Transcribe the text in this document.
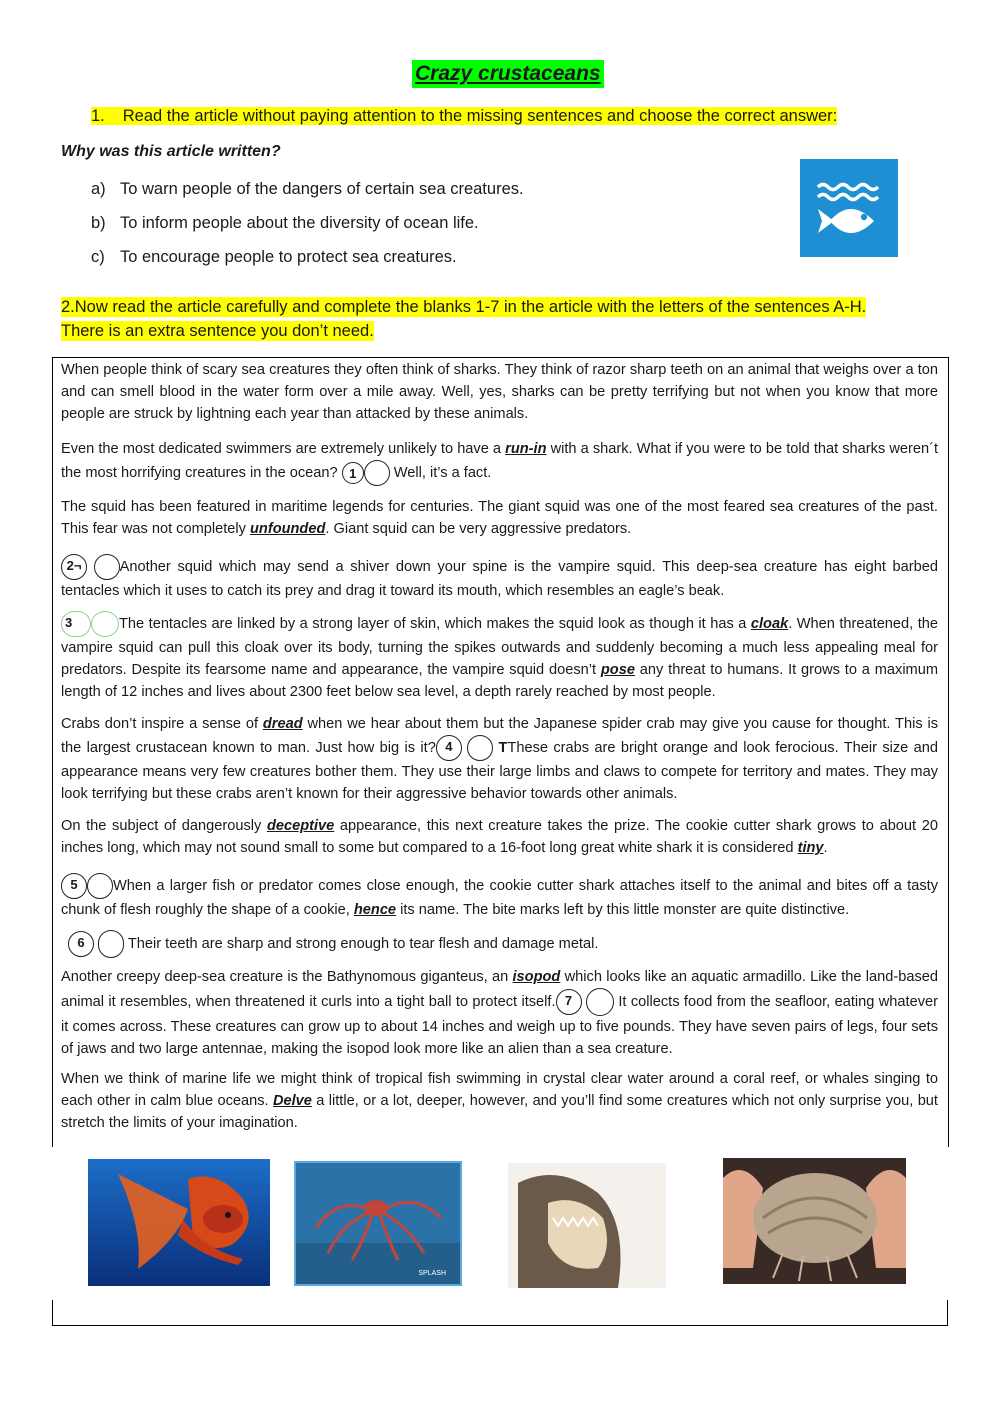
Crazy crustaceans
1. Read the article without paying attention to the missing sentences and choose the correct answer:
Why was this article written?
a) To warn people of the dangers of certain sea creatures.
b) To inform people about the diversity of ocean life.
c) To encourage people to protect sea creatures.
2.Now read the article carefully and complete the blanks 1-7 in the article with the letters of the sentences A-H.
There is an extra sentence you don’t need.

When people think of scary sea creatures they often think of sharks. They think of razor sharp teeth on an animal that weighs over a ton and can smell blood in the water form over a mile away. Well, yes, sharks can be pretty terrifying but not when you know that more people are struck by lightning each year than attacked by these animals.

Even the most dedicated swimmers are extremely unlikely to have a run-in with a shark. What if you were to be told that sharks weren´t the most horrifying creatures in the ocean? 1 Well, it’s a fact.

The squid has been featured in maritime legends for centuries. The giant squid was one of the most feared sea creatures of the past. This fear was not completely unfounded. Giant squid can be very aggressive predators.

2¬	Another squid which may send a shiver down your spine is the vampire squid. This deep-sea creature has eight barbed tentacles which it uses to catch its prey and drag it toward its mouth, which resembles an eagle’s beak.

3	The tentacles are linked by a strong layer of skin, which makes the squid look as though it has a cloak. When threatened, the vampire squid can pull this cloak over its body, turning the spikes outwards and suddenly becoming a much less appealing meal for predators. Despite its fearsome name and appearance, the vampire squid doesn’t pose any threat to humans. It grows to a maximum length of 12 inches and lives about 2300 feet below sea level, a depth rarely reached by most people.

Crabs don’t inspire a sense of dread when we hear about them but the Japanese spider crab may give you cause for thought. This is the largest crustacean known to man. Just how big is it? 4	TThese crabs are bright orange and look ferocious. Their size and appearance means very few creatures bother them. They use their large limbs and claws to compete for territory and mates. They may look terrifying but these crabs aren’t known for their aggressive behavior towards other animals.

On the subject of dangerously deceptive appearance, this next creature takes the prize. The cookie cutter shark grows to about 20 inches long, which may not sound small to some but compared to a 16-foot long great white shark it is considered tiny.

5 When a larger fish or predator comes close enough, the cookie cutter shark attaches itself to the animal and bites off a tasty chunk of flesh roughly the shape of a cookie, hence its name. The bite marks left by this little monster are quite distinctive.

6	Their teeth are sharp and strong enough to tear flesh and damage metal.

Another creepy deep-sea creature is the Bathynomous giganteus, an isopod which looks like an aquatic armadillo. Like the land-based animal it resembles, when threatened it curls into a tight ball to protect itself. 7	It collects food from the seafloor, eating whatever it comes across. These creatures can grow up to about 14 inches and weigh up to five pounds. They have seven pairs of legs, four sets of jaws and two large antennae, making the isopod look more like an alien than a sea creature.

When we think of marine life we might think of tropical fish swimming in crystal clear water around a coral reef, or whales singing to each other in calm blue oceans. Delve a little, or a lot, deeper, however, and you’ll find some creatures which not only surprise you, but stretch the limits of your imagination.

SPLASH
